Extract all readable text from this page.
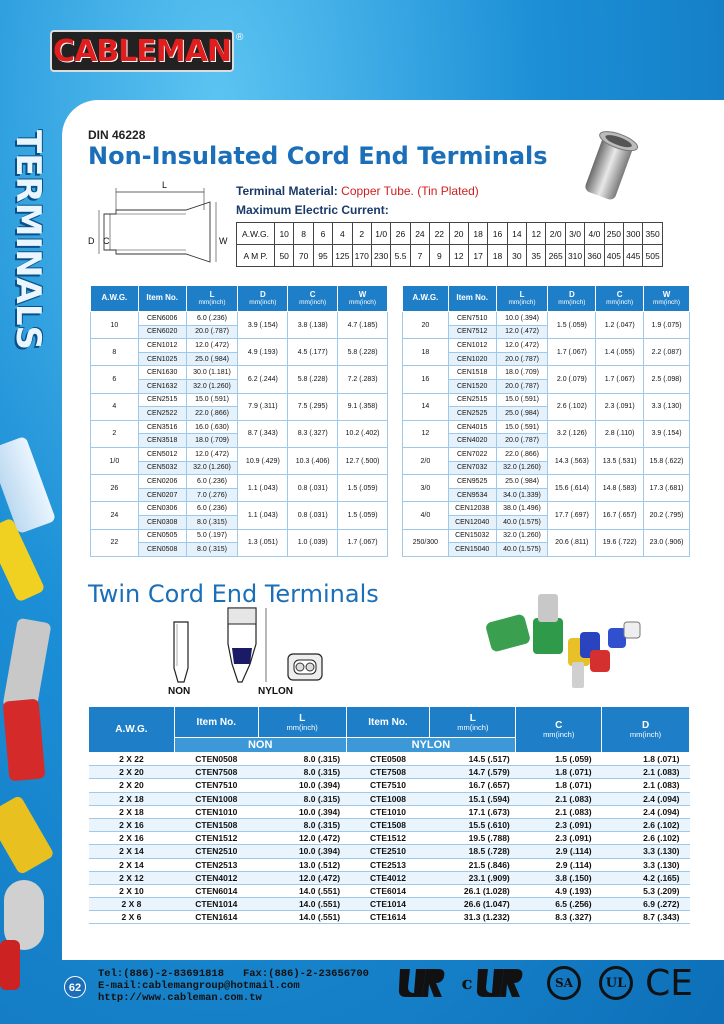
CABLEMAN ®
TERMINALS	DIN 46228
Non-Insulated Cord End Terminals
L
D C	W
Terminal Material: Copper Tube. (Tin Plated)
Maximum Electric Current:
A.W.G.	10	8	6	4	2	1/0	26	24	22	20	18	16	14	12	2/0	3/0	4/0	250	300	350
A M P.	50	70	95	125	170	230	5.5	7	9	12	17	18	30	35	265	310	360	405	445	505
A.W.G.	Item No.	L
mm(inch)	D
mm(inch)	C
mm(inch)	W
mm(inch)

10	CEN6006	6.0 (.236)	3.9 (.154)	3.8 (.138)	4.7 (.185)
	CEN6020	20.0 (.787)			
8	CEN1012	12.0 (.472)	4.9 (.193)	4.5 (.177)	5.8 (.228)
	CEN1025	25.0 (.984)			
6	CEN1630	30.0 (1.181)	6.2 (.244)	5.8 (.228)	7.2 (.283)
	CEN1632	32.0 (1.260)			
4	CEN2515	15.0 (.591)	7.9 (.311)	7.5 (.295)	9.1 (.358)
	CEN2522	22.0 (.866)			
2	CEN3516	16.0 (.630)	8.7 (.343)	8.3 (.327)	10.2 (.402)
	CEN3518	18.0 (.709)			
1/0	CEN5012	12.0 (.472)	10.9 (.429)	10.3 (.406)	12.7 (.500)
	CEN5032	32.0 (1.260)			
26	CEN0206	6.0 (.236)	1.1 (.043)	0.8 (.031)	1.5 (.059)
	CEN0207	7.0 (.276)			
24	CEN0306	6.0 (.236)	1.1 (.043)	0.8 (.031)	1.5 (.059)
	CEN0308	8.0 (.315)			
22	CEN0505	5.0 (.197)	1.3 (.051)	1.0 (.039)	1.7 (.067)
	CEN0508	8.0 (.315)			
A.W.G.	Item No.	L
mm(inch)	D
mm(inch)	C
mm(inch)	W
mm(inch)

20	CEN7510	10.0 (.394)	1.5 (.059)	1.2 (.047)	1.9 (.075)
	CEN7512	12.0 (.472)			
18	CEN1012	12.0 (.472)	1.7 (.067)	1.4 (.055)	2.2 (.087)
	CEN1020	20.0 (.787)			
16	CEN1518	18.0 (.709)	2.0 (.079)	1.7 (.067)	2.5 (.098)
	CEN1520	20.0 (.787)			
14	CEN2515	15.0 (.591)	2.6 (.102)	2.3 (.091)	3.3 (.130)
	CEN2525	25.0 (.984)			
12	CEN4015	15.0 (.591)	3.2 (.126)	2.8 (.110)	3.9 (.154)
	CEN4020	20.0 (.787)			
2/0	CEN7022	22.0 (.866)	14.3 (.563)	13.5 (.531)	15.8 (.622)
	CEN7032	32.0 (1.260)			
3/0	CEN9525	25.0 (.984)	15.6 (.614)	14.8 (.583)	17.3 (.681)
	CEN9534	34.0 (1.339)			
4/0	CEN12038	38.0 (1.496)	17.7 (.697)	16.7 (.657)	20.2 (.795)
	CEN12040	40.0 (1.575)			
250/300	CEN15032	32.0 (1.260)	20.6 (.811)	19.6 (.722)	23.0 (.906)
	CEN15040	40.0 (1.575)			
Twin Cord End Terminals
NON	NYLON
A.W.G.	Item No.	L
mm(inch)	Item No.	L
mm(inch)	C
mm(inch)	D
mm(inch)

	NON		NYLON			
2 X 22	CTEN0508	8.0 (.315)	CTE0508	14.5 (.517)	1.5 (.059)	1.8 (.071)
2 X 20	CTEN7508	8.0 (.315)	CTE7508	14.7 (.579)	1.8 (.071)	2.1 (.083)
2 X 20	CTEN7510	10.0 (.394)	CTE7510	16.7 (.657)	1.8 (.071)	2.1 (.083)
2 X 18	CTEN1008	8.0 (.315)	CTE1008	15.1 (.594)	2.1 (.083)	2.4 (.094)
2 X 18	CTEN1010	10.0 (.394)	CTE1010	17.1 (.673)	2.1 (.083)	2.4 (.094)
2 X 16	CTEN1508	8.0 (.315)	CTE1508	15.5 (.610)	2.3 (.091)	2.6 (.102)
2 X 16	CTEN1512	12.0 (.472)	CTE1512	19.5 (.788)	2.3 (.091)	2.6 (.102)
2 X 14	CTEN2510	10.0 (.394)	CTE2510	18.5 (.728)	2.9 (.114)	3.3 (.130)
2 X 14	CTEN2513	13.0 (.512)	CTE2513	21.5 (.846)	2.9 (.114)	3.3 (.130)
2 X 12	CTEN4012	12.0 (.472)	CTE4012	23.1 (.909)	3.8 (.150)	4.2 (.165)
2 X 10	CTEN6014	14.0 (.551)	CTE6014	26.1 (1.028)	4.9 (.193)	5.3 (.209)
2 X 8	CTEN1014	14.0 (.551)	CTE1014	26.6 (1.047)	6.5 (.256)	6.9 (.272)
2 X 6	CTEN1614	14.0 (.551)	CTE1614	31.3 (1.232)	8.3 (.327)	8.7 (.343)
62
Tel:(886)-2-83691818 Fax:(886)-2-23656700
E-mail:cablemangroup@hotmail.com
http://www.cableman.com.tw
c	SA	UL CE
